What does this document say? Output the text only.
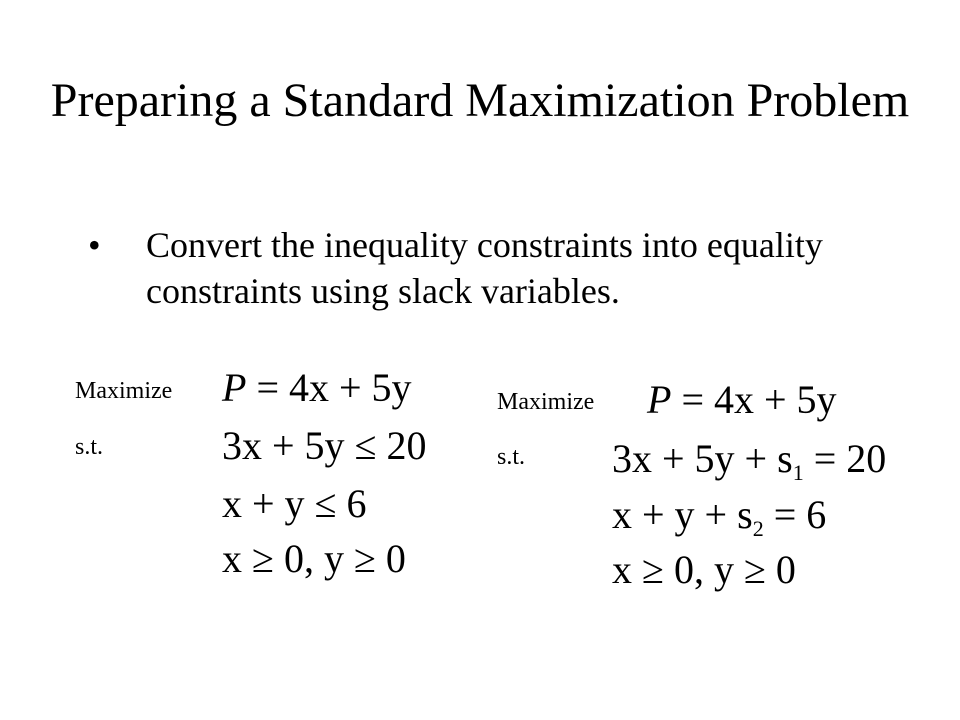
Preparing a Standard Maximization Problem
• Convert the inequality constraints into equality constraints using slack variables.
Maximize
s.t.
P = 4x + 5y
3x + 5y ≤ 20
x + y ≤ 6
x ≥ 0, y ≥ 0
Maximize
s.t.
P = 4x + 5y
$3x + 5y + s_1 = 20$
$x + y + s_2 = 6$
x ≥ 0, y ≥ 0
